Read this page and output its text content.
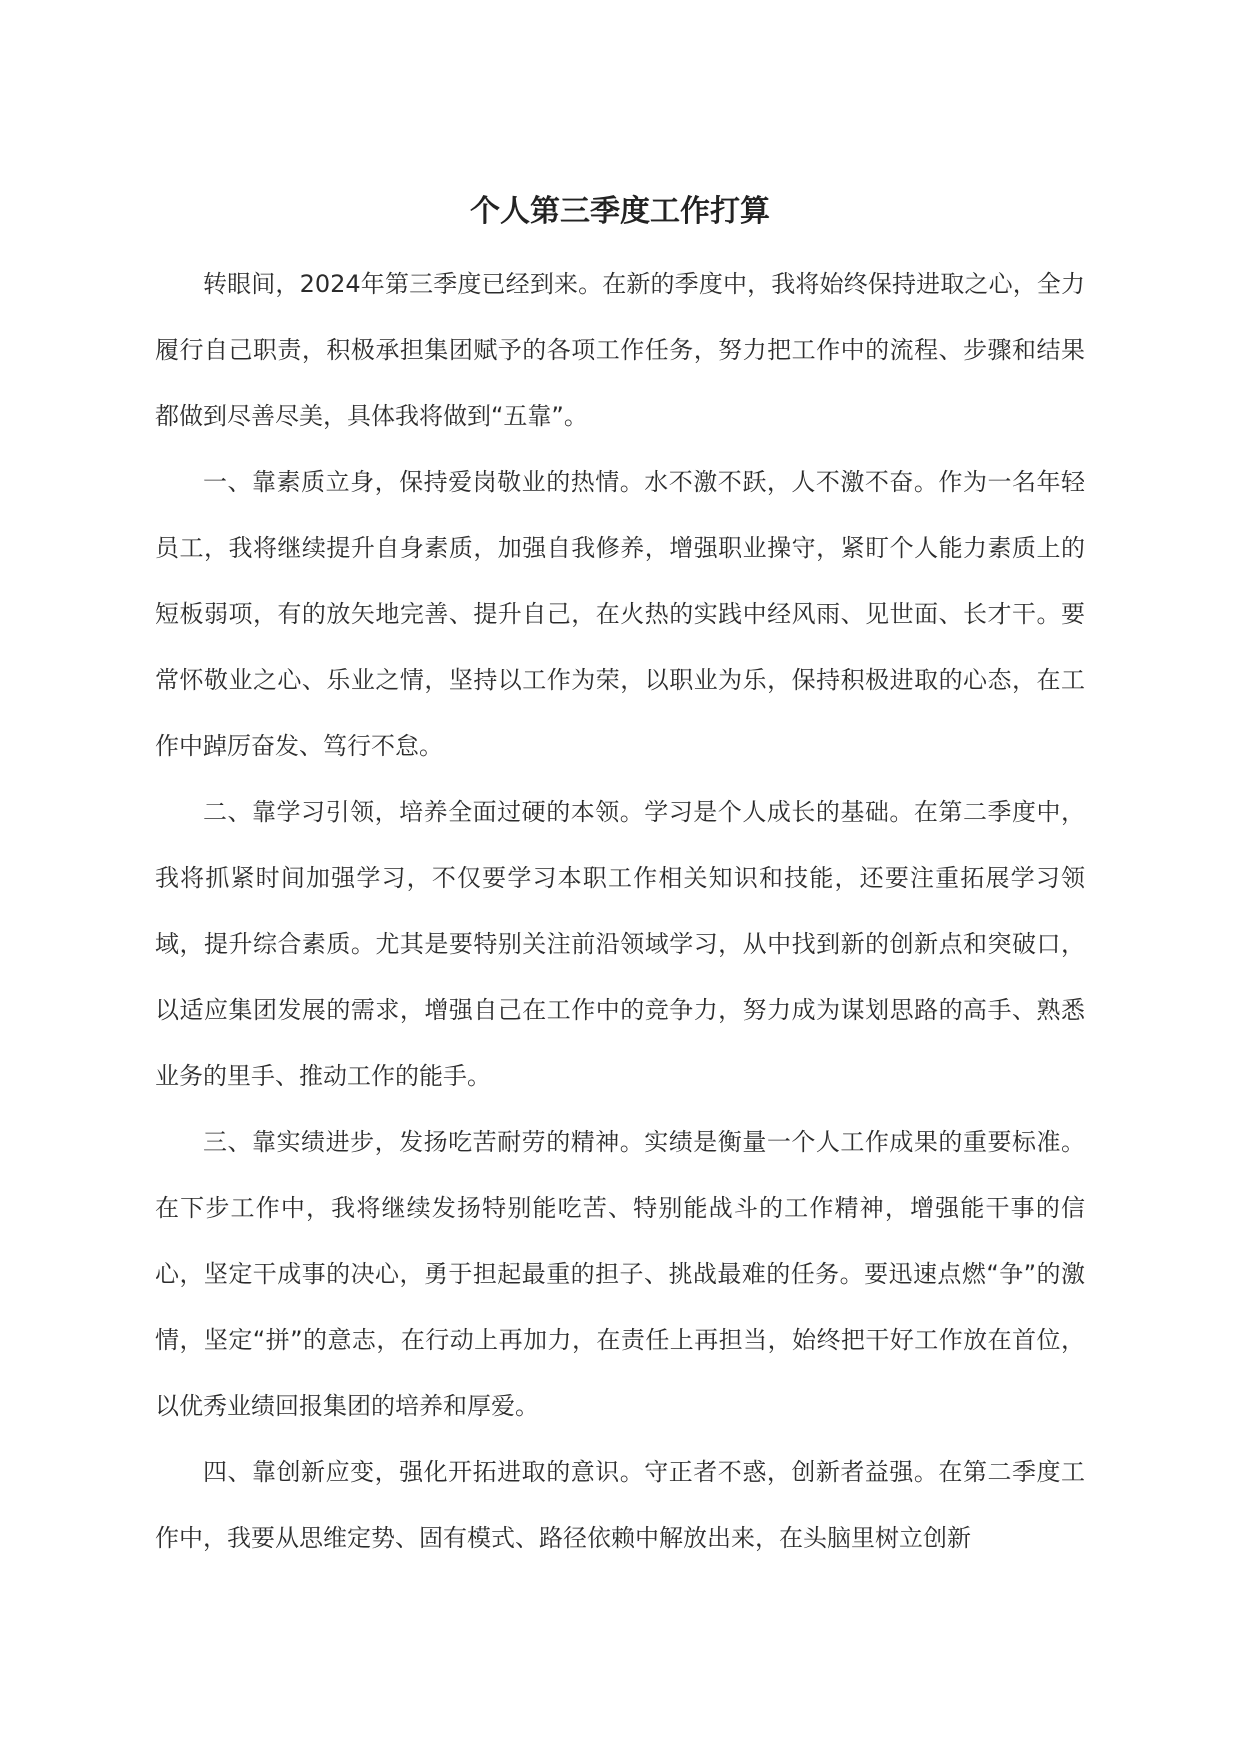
个人第三季度工作打算

转眼间，2024年第三季度已经到来。在新的季度中，我将始终保持进取之心，全力履行自己职责，积极承担集团赋予的各项工作任务，努力把工作中的流程、步骤和结果都做到尽善尽美，具体我将做到“五靠”。

一、靠素质立身，保持爱岗敬业的热情。水不激不跃，人不激不奋。作为一名年轻员工，我将继续提升自身素质，加强自我修养，增强职业操守，紧盯个人能力素质上的短板弱项，有的放矢地完善、提升自己，在火热的实践中经风雨、见世面、长才干。要常怀敬业之心、乐业之情，坚持以工作为荣，以职业为乐，保持积极进取的心态，在工作中踔厉奋发、笃行不怠。

二、靠学习引领，培养全面过硬的本领。学习是个人成长的基础。在第二季度中，我将抓紧时间加强学习，不仅要学习本职工作相关知识和技能，还要注重拓展学习领域，提升综合素质。尤其是要特别关注前沿领域学习，从中找到新的创新点和突破口，以适应集团发展的需求，增强自己在工作中的竞争力，努力成为谋划思路的高手、熟悉业务的里手、推动工作的能手。

三、靠实绩进步，发扬吃苦耐劳的精神。实绩是衡量一个人工作成果的重要标准。在下步工作中，我将继续发扬特别能吃苦、特别能战斗的工作精神，增强能干事的信心，坚定干成事的决心，勇于担起最重的担子、挑战最难的任务。要迅速点燃“争”的激情，坚定“拼”的意志，在行动上再加力，在责任上再担当，始终把干好工作放在首位，以优秀业绩回报集团的培养和厚爱。

四、靠创新应变，强化开拓进取的意识。守正者不惑，创新者益强。在第二季度工作中，我要从思维定势、固有模式、路径依赖中解放出来，在头脑里树立创新
